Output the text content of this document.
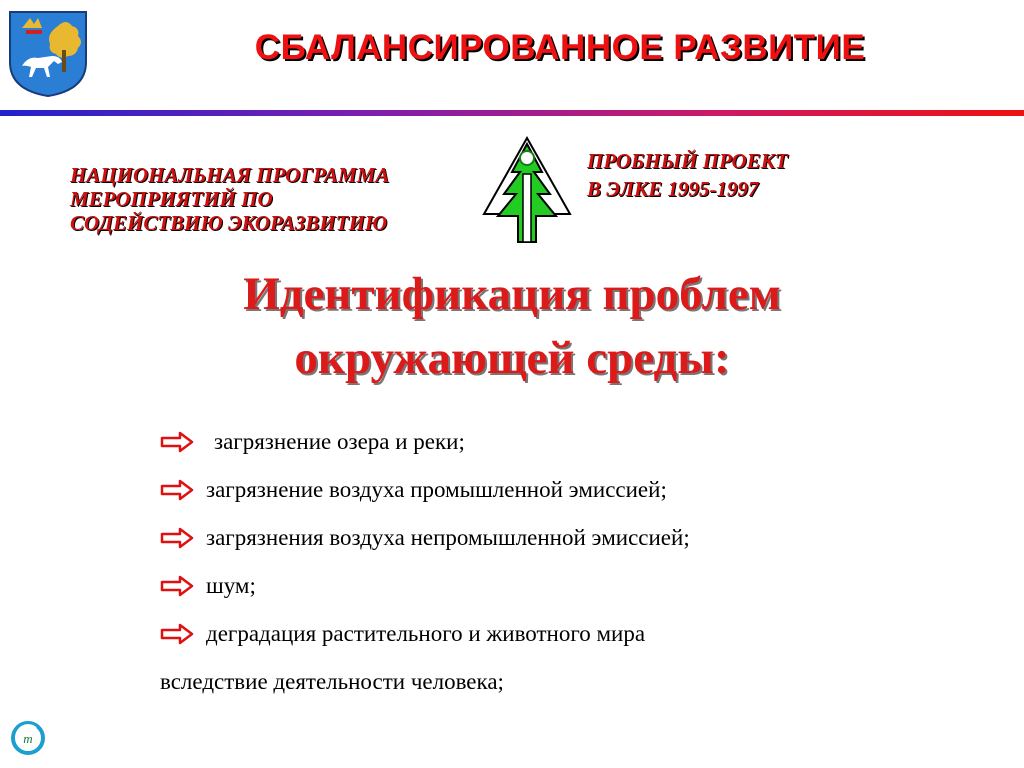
СБАЛАНСИРОВАННОЕ РАЗВИТИЕ
НАЦИОНАЛЬНАЯ ПРОГРАММА
МЕРОПРИЯТИЙ ПО
СОДЕЙСТВИЮ ЭКОРАЗВИТИЮ
ПРОБНЫЙ ПРОЕКТ
В ЭЛКЕ 1995-1997
Идентификация проблем
окружающей среды:
загрязнение озера и реки;
загрязнение воздуха промышленной эмиссией;
загрязнения воздуха непромышленной эмиссией;
шум;
деградация растительного и животного мира
вследствие деятельности человека;
m
